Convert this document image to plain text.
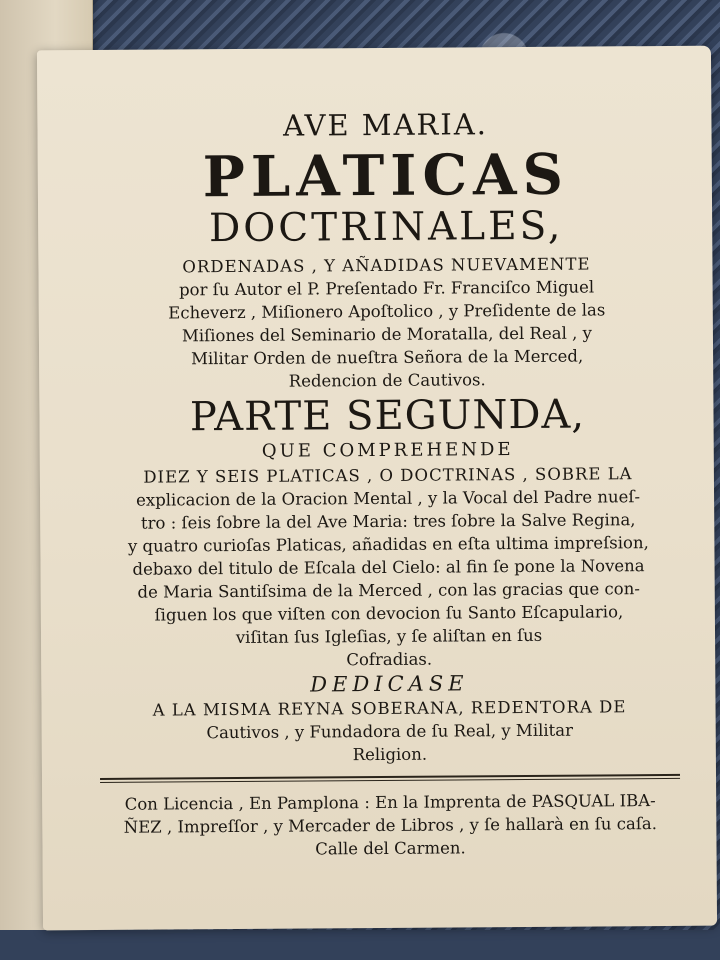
AVE MARIA.
PLATICAS
DOCTRINALES,
ORDENADAS , Y AÑADIDAS NUEVAMENTE
por ſu Autor el P. Preſentado Fr. Franciſco Miguel
Echeverz , Miſionero Apoſtolico , y Preſidente de las
Miſiones del Seminario de Moratalla, del Real , y
Militar Orden de nueſtra Señora de la Merced,
Redencion de Cautivos.
PARTE SEGUNDA,
QUE COMPREHENDE
DIEZ Y SEIS PLATICAS , O DOCTRINAS , SOBRE LA
explicacion de la Oracion Mental , y la Vocal del Padre nueſ-
tro : ſeis ſobre la del Ave Maria: tres ſobre la Salve Regina,
y quatro curioſas Platicas, añadidas en eſta ultima impreſsion,
debaxo del titulo de Eſcala del Cielo: al fin ſe pone la Novena
de Maria Santiſsima de la Merced , con las gracias que con-
ſiguen los que viſten con devocion ſu Santo Eſcapulario,
viſitan ſus Igleſias, y ſe aliſtan en ſus
Cofradias.
DEDICASE
A LA MISMA REYNA SOBERANA, REDENTORA DE
Cautivos , y Fundadora de ſu Real, y Militar
Religion.
Con Licencia , En Pamplona : En la Imprenta de PASQUAL IBA-
ÑEZ , Impreſſor , y Mercader de Libros , y ſe hallarà en ſu caſa.
Calle del Carmen.
